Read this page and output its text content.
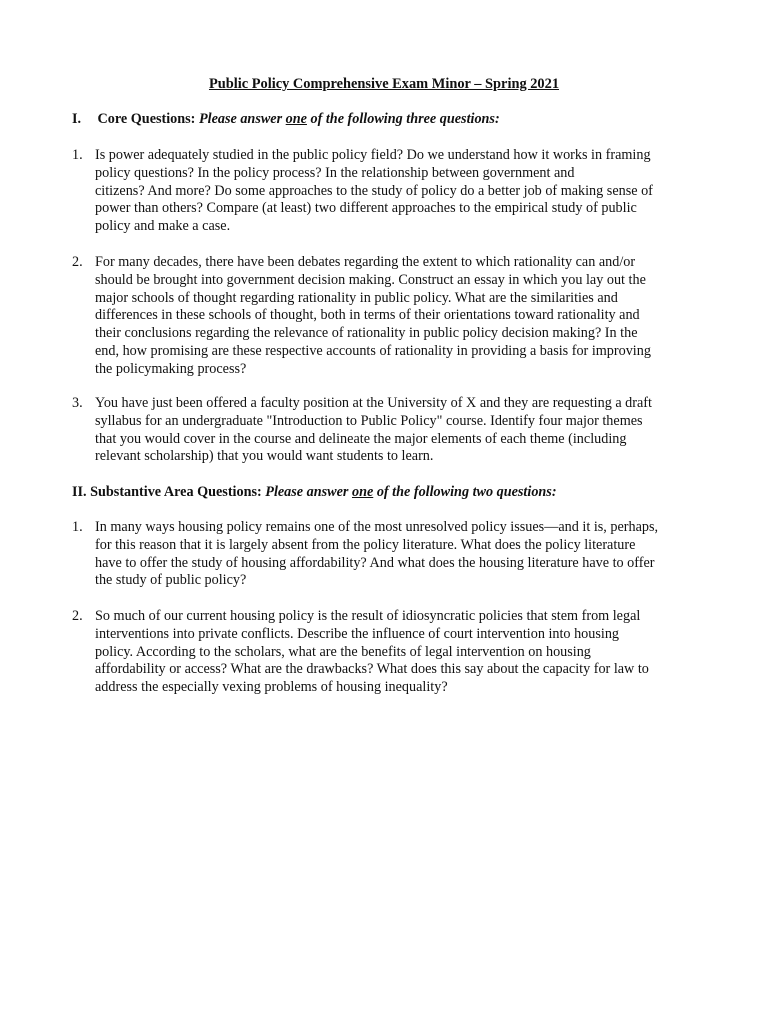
Public Policy Comprehensive Exam Minor – Spring 2021
I. Core Questions: Please answer one of the following three questions:
1. Is power adequately studied in the public policy field? Do we understand how it works in framing
policy questions? In the policy process? In the relationship between government and
citizens? And more? Do some approaches to the study of policy do a better job of making sense of
power than others? Compare (at least) two different approaches to the empirical study of public
policy and make a case.
2. For many decades, there have been debates regarding the extent to which rationality can and/or
should be brought into government decision making. Construct an essay in which you lay out the
major schools of thought regarding rationality in public policy. What are the similarities and
differences in these schools of thought, both in terms of their orientations toward rationality and
their conclusions regarding the relevance of rationality in public policy decision making? In the
end, how promising are these respective accounts of rationality in providing a basis for improving
the policymaking process?
3. You have just been offered a faculty position at the University of X and they are requesting a draft
syllabus for an undergraduate "Introduction to Public Policy" course. Identify four major themes
that you would cover in the course and delineate the major elements of each theme (including
relevant scholarship) that you would want students to learn.
II. Substantive Area Questions: Please answer one of the following two questions:
1. In many ways housing policy remains one of the most unresolved policy issues—and it is, perhaps,
for this reason that it is largely absent from the policy literature. What does the policy literature
have to offer the study of housing affordability? And what does the housing literature have to offer
the study of public policy?
2. So much of our current housing policy is the result of idiosyncratic policies that stem from legal
interventions into private conflicts. Describe the influence of court intervention into housing
policy. According to the scholars, what are the benefits of legal intervention on housing
affordability or access? What are the drawbacks? What does this say about the capacity for law to
address the especially vexing problems of housing inequality?
